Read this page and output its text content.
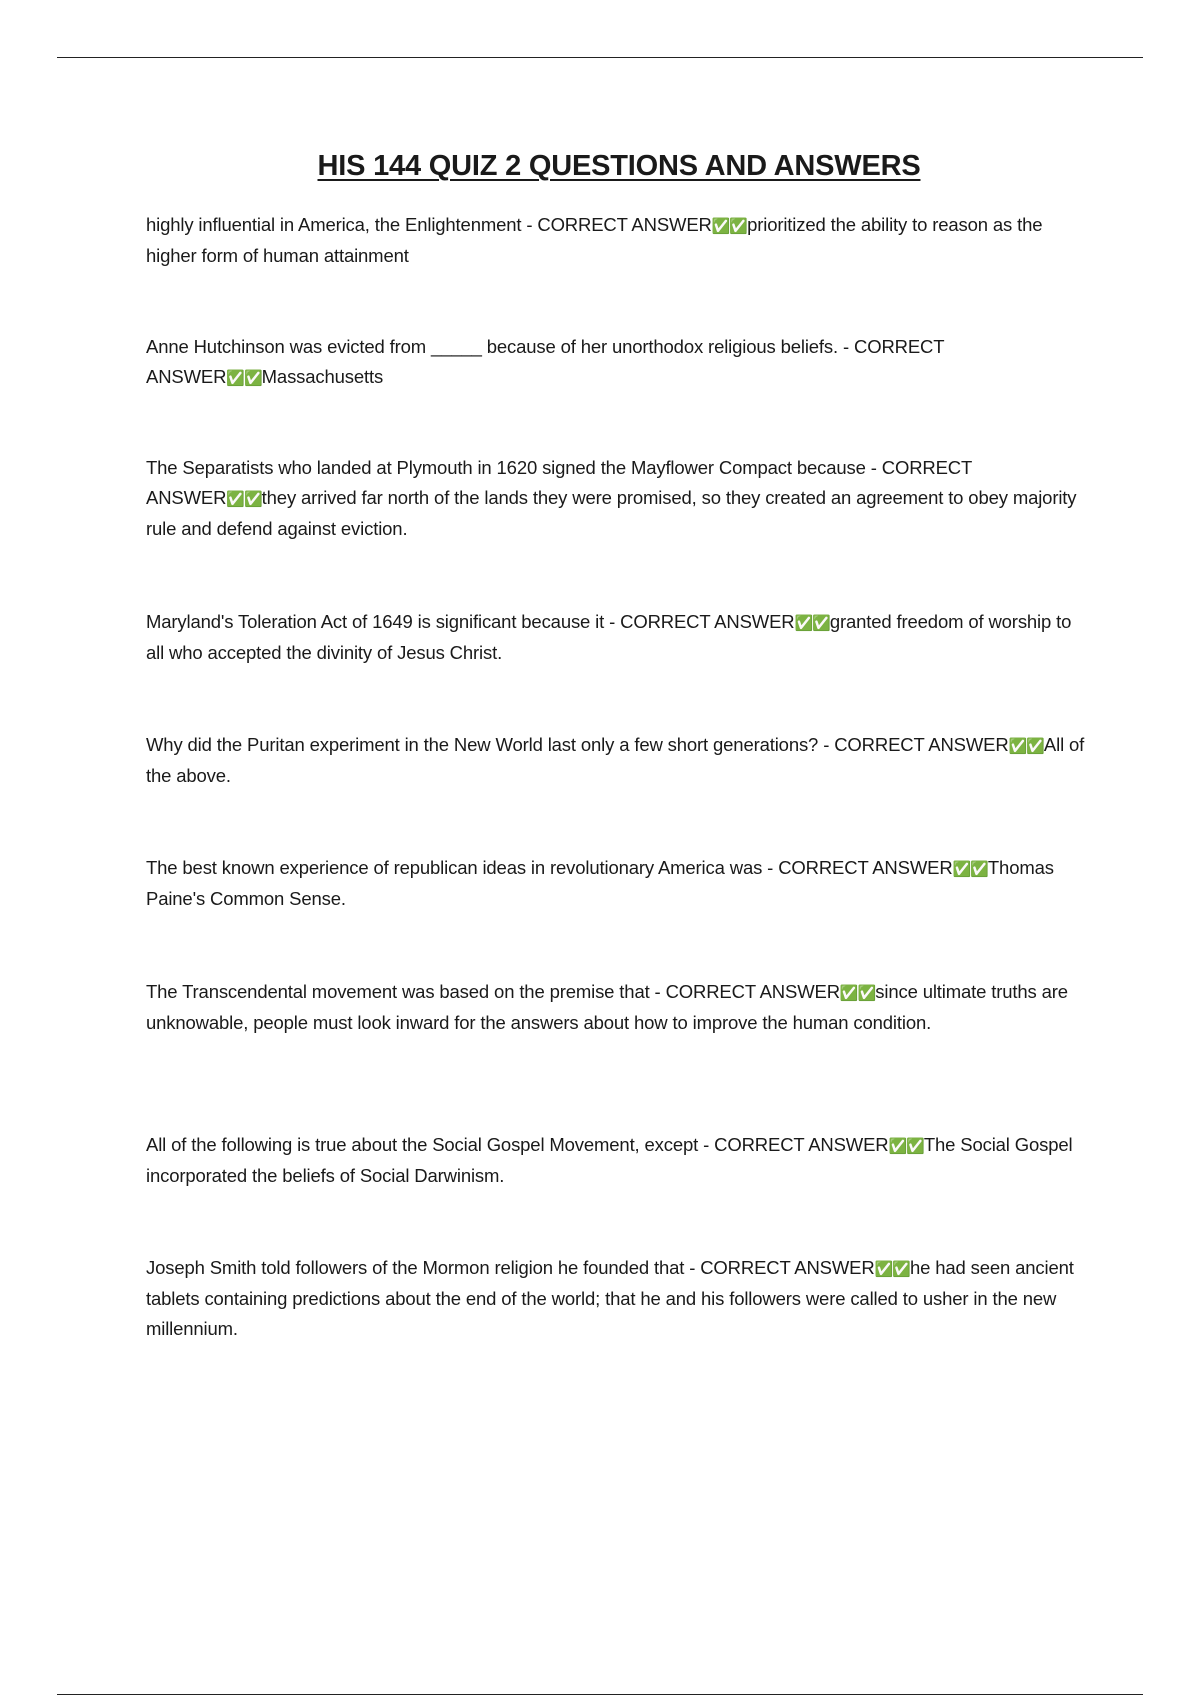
HIS 144 QUIZ 2 QUESTIONS AND ANSWERS

highly influential in America, the Enlightenment - CORRECT ANSWER✅✅prioritized the ability to reason as the higher form of human attainment

Anne Hutchinson was evicted from _____ because of her unorthodox religious beliefs. - CORRECT ANSWER✅✅Massachusetts

The Separatists who landed at Plymouth in 1620 signed the Mayflower Compact because - CORRECT ANSWER✅✅they arrived far north of the lands they were promised, so they created an agreement to obey majority rule and defend against eviction.

Maryland's Toleration Act of 1649 is significant because it - CORRECT ANSWER✅✅granted freedom of worship to all who accepted the divinity of Jesus Christ.

Why did the Puritan experiment in the New World last only a few short generations? - CORRECT ANSWER✅✅All of the above.

The best known experience of republican ideas in revolutionary America was - CORRECT ANSWER✅✅Thomas Paine's Common Sense.

The Transcendental movement was based on the premise that - CORRECT ANSWER✅✅since ultimate truths are unknowable, people must look inward for the answers about how to improve the human condition.

All of the following is true about the Social Gospel Movement, except - CORRECT ANSWER✅✅The Social Gospel incorporated the beliefs of Social Darwinism.

Joseph Smith told followers of the Mormon religion he founded that - CORRECT ANSWER✅✅he had seen ancient tablets containing predictions about the end of the world; that he and his followers were called to usher in the new millennium.
